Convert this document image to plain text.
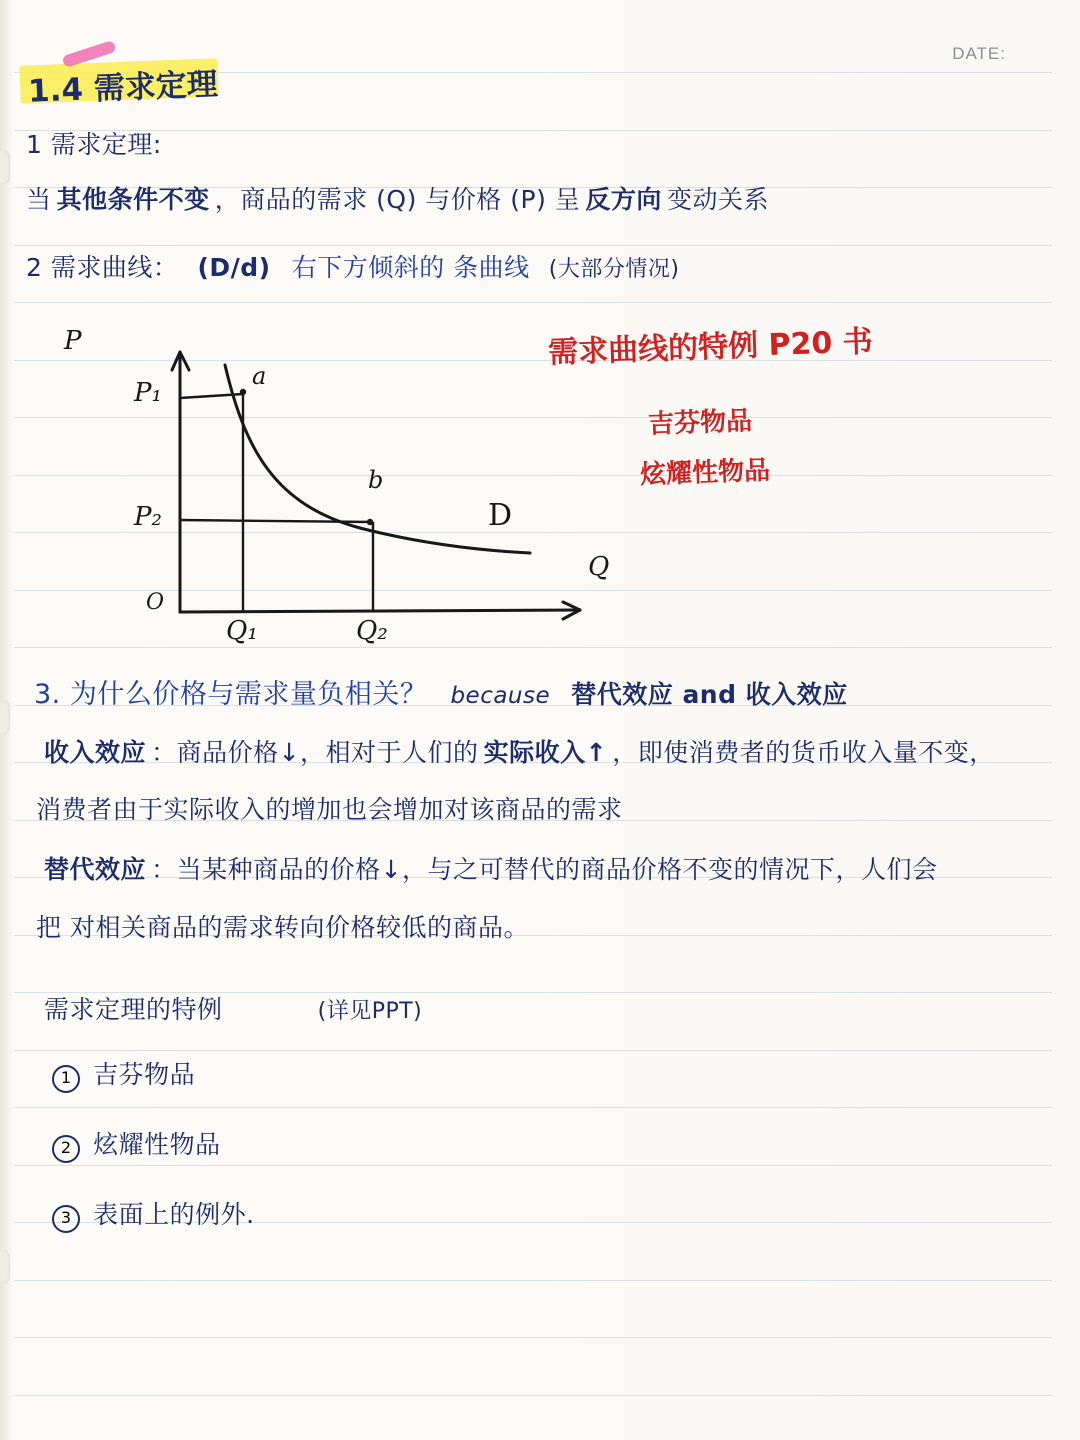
DATE:

1.4 需求定理
1 需求定理:
当 其他条件不变 ，商品的需求 (Q) 与价格 (P) 呈 反方向 变动关系
2 需求曲线： (D/d) 右下方倾斜的 条曲线 (大部分情况)
P
Q
O
P₁
P₂
Q₁	Q₂
a
b
D
需求曲线的特例 P20 书
吉芬物品
炫耀性物品
3. 为什么价格与需求量负相关？ because 替代效应 and 收入效应
收入效应 ：商品价格↓，相对于人们的 实际收入↑ ，即使消费者的货币收入量不变，
消费者由于实际收入的增加也会增加对该商品的需求
替代效应 ：当某种商品的价格↓，与之可替代的商品价格不变的情况下，人们会
把 对相关商品的需求转向价格较低的商品。
需求定理的特例	(详见PPT)
1 吉芬物品
2 炫耀性物品
3 表面上的例外.
